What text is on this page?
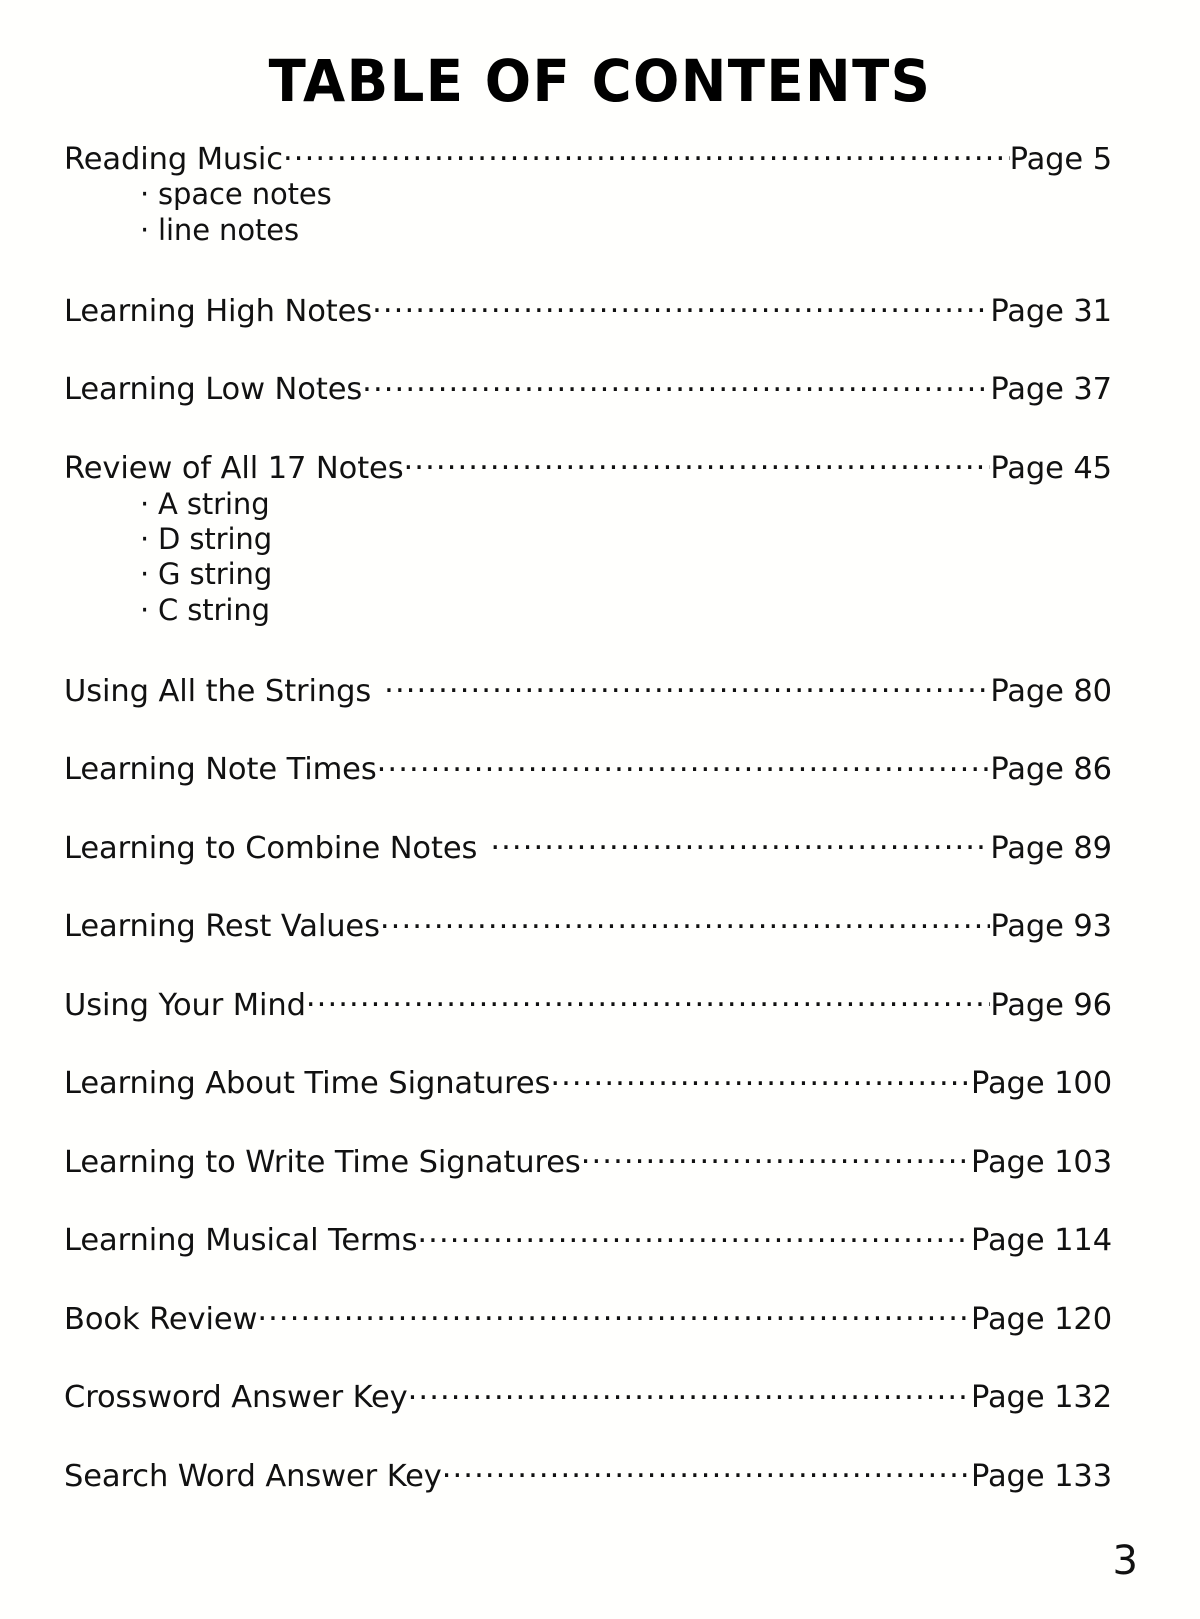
TABLE OF CONTENTS
Reading Music .....	Page 5
· space notes
· line notes
Learning High Notes .....	Page 31
Learning Low Notes .....	Page 37
Review of All 17 Notes .....	Page 45
· A string
· D string
· G string
· C string
Using All the Strings .....	Page 80
Learning Note Times .....	Page 86
Learning to Combine Notes .....	Page 89
Learning Rest Values .....	Page 93
Using Your Mind .....	Page 96
Learning About Time Signatures .....	Page 100
Learning to Write Time Signatures .....	Page 103
Learning Musical Terms .....	Page 114
Book Review .....	Page 120
Crossword Answer Key .....	Page 132
Search Word Answer Key .....	Page 133
3
